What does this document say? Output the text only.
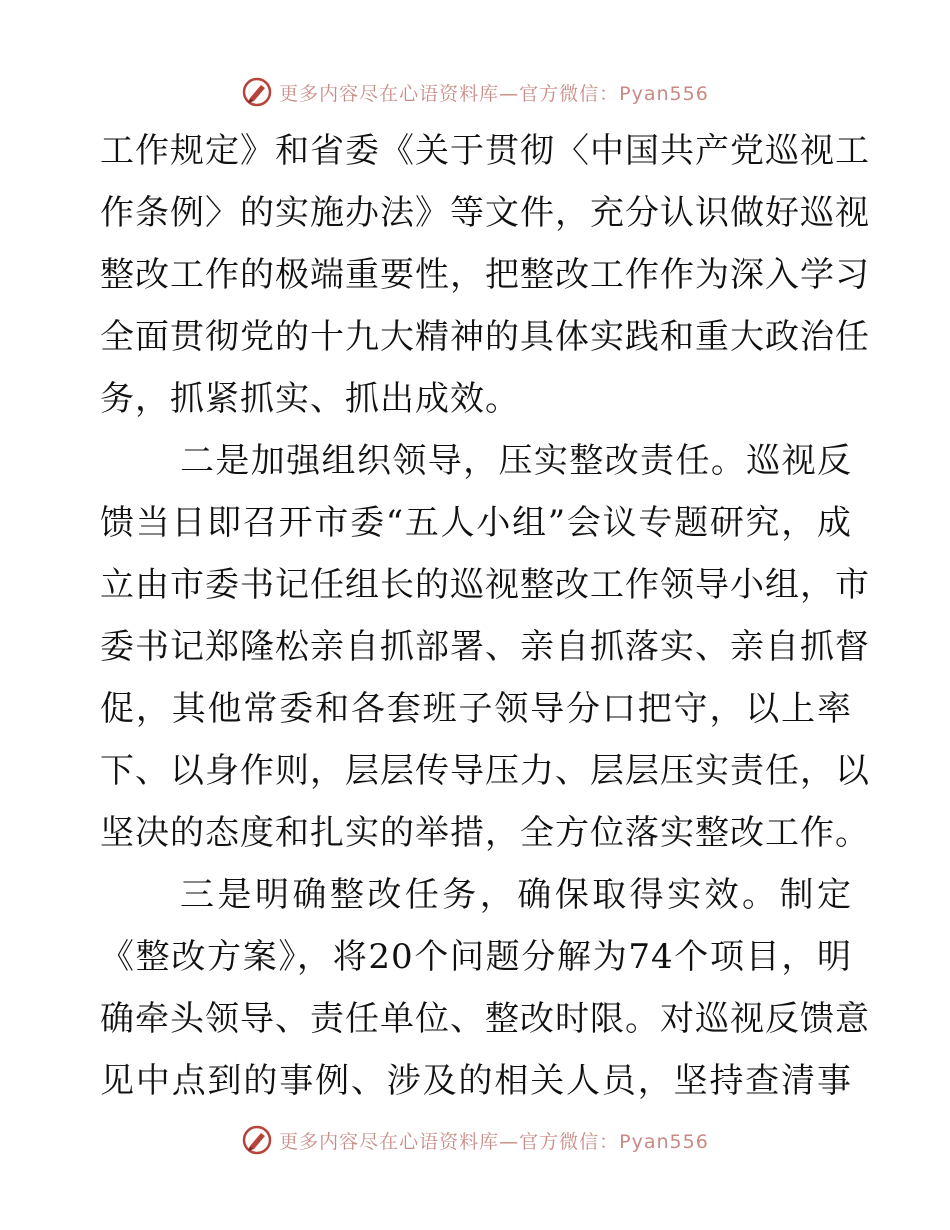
更多内容尽在心语资料库—官方微信：Pyan556
工作规定》和省委《关于贯彻〈中国共产党巡视工
作条例〉的实施办法》等文件，充分认识做好巡视
整改工作的极端重要性，把整改工作作为深入学习
全面贯彻党的十九大精神的具体实践和重大政治任
务，抓紧抓实、抓出成效。
二是加强组织领导，压实整改责任。巡视反
馈当日即召开市委“五人小组”会议专题研究，成
立由市委书记任组长的巡视整改工作领导小组，市
委书记郑隆松亲自抓部署、亲自抓落实、亲自抓督
促，其他常委和各套班子领导分口把守，以上率
下、以身作则，层层传导压力、层层压实责任，以
坚决的态度和扎实的举措，全方位落实整改工作。
三是明确整改任务，确保取得实效。制定
《整改方案》，将20个问题分解为74个项目，明
确牵头领导、责任单位、整改时限。对巡视反馈意
见中点到的事例、涉及的相关人员，坚持查清事
更多内容尽在心语资料库—官方微信：Pyan556
